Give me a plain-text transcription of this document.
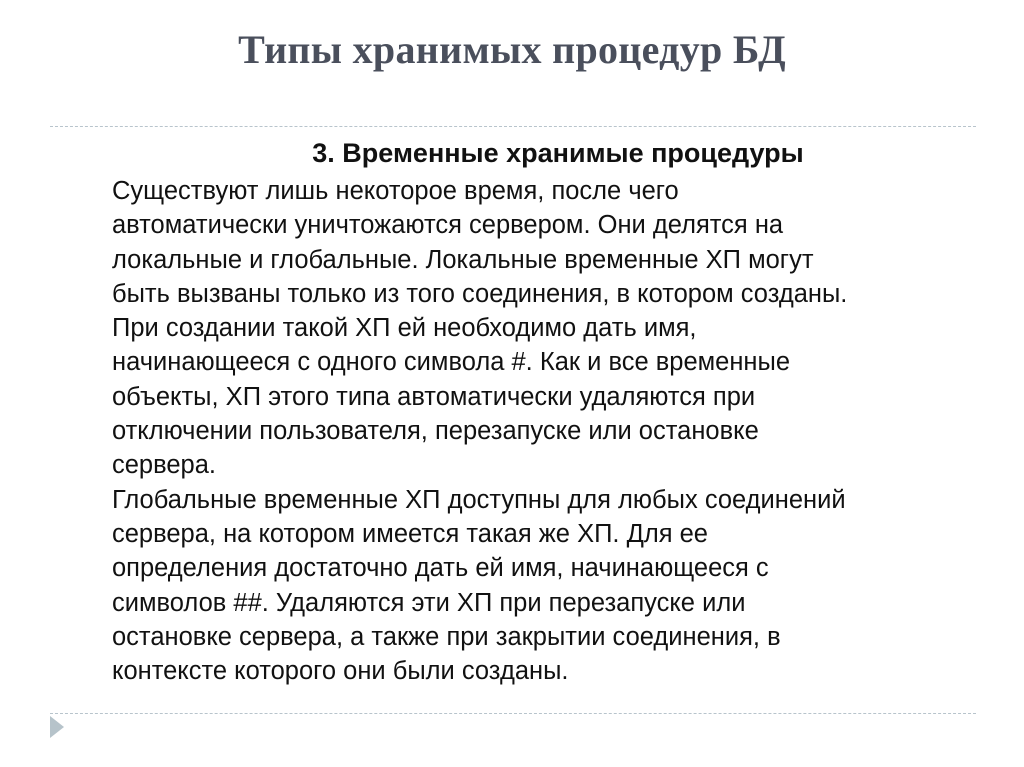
Типы хранимых процедур БД
3. Временные хранимые процедуры
Существуют лишь некоторое время, после чего
автоматически уничтожаются сервером. Они делятся на
локальные и глобальные. Локальные временные ХП могут
быть вызваны только из того соединения, в котором созданы.
При создании такой ХП ей необходимо дать имя,
начинающееся с одного символа #. Как и все временные
объекты, ХП этого типа автоматически удаляются при
отключении пользователя, перезапуске или остановке
сервера.
Глобальные временные ХП доступны для любых соединений
сервера, на котором имеется такая же ХП. Для ее
определения достаточно дать ей имя, начинающееся с
символов ##. Удаляются эти ХП при перезапуске или
остановке сервера, а также при закрытии соединения, в
контексте которого они были созданы.
